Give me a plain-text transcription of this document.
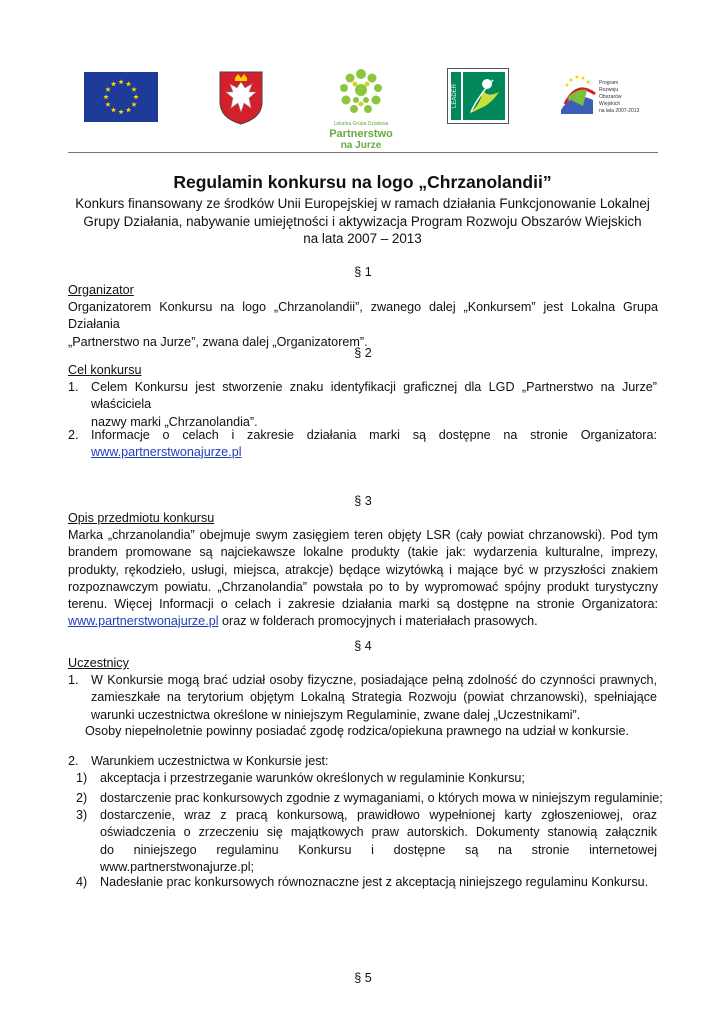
Lokalna Grupa Działania
Partnerstwo
na Jurze
LEADER
Program
Rozwoju
Obszarów
Wiejskich
na lata 2007-2013
Regulamin konkursu na logo „Chrzanolandii”
Konkurs finansowany ze środków Unii Europejskiej w ramach działania Funkcjonowanie Lokalnej
Grupy Działania, nabywanie umiejętności i aktywizacja Program Rozwoju Obszarów Wiejskich
na lata 2007 – 2013
§ 1
Organizator
Organizatorem Konkursu na logo „Chrzanolandii”, zwanego dalej „Konkursem” jest Lokalna Grupa Działania
„Partnerstwo na Jurze”, zwana dalej „Organizatorem”.
§ 2
Cel konkursu
1. Celem Konkursu jest stworzenie znaku identyfikacji graficznej dla LGD „Partnerstwo na Jurze” właściciela
nazwy marki „Chrzanolandia”.
2. Informacje o celach i zakresie działania marki są dostępne na stronie Organizatora:
www.partnerstwonajurze.pl
§ 3
Opis przedmiotu konkursu
Marka „chrzanolandia” obejmuje swym zasięgiem teren objęty LSR (cały powiat chrzanowski). Pod tym
brandem promowane są najciekawsze lokalne produkty (takie jak: wydarzenia kulturalne, imprezy,
produkty, rękodzieło, usługi, miejsca, atrakcje) będące wizytówką i mające być w przyszłości znakiem
rozpoznawczym powiatu. „Chrzanolandia” powstała po to by wypromować spójny produkt turystyczny
terenu. Więcej Informacji o celach i zakresie działania marki są dostępne na stronie Organizatora:
www.partnerstwonajurze.pl oraz w folderach promocyjnych i materiałach prasowych.
§ 4
Uczestnicy
1. W Konkursie mogą brać udział osoby fizyczne, posiadające pełną zdolność do czynności prawnych,
zamieszkałe na terytorium objętym Lokalną Strategia Rozwoju (powiat chrzanowski), spełniające
warunki uczestnictwa określone w niniejszym Regulaminie, zwane dalej „Uczestnikami”.
Osoby niepełnoletnie powinny posiadać zgodę rodzica/opiekuna prawnego na udział w konkursie.
2. Warunkiem uczestnictwa w Konkursie jest:
1) akceptacja i przestrzeganie warunków określonych w regulaminie Konkursu;
2) dostarczenie prac konkursowych zgodnie z wymaganiami, o których mowa w niniejszym regulaminie;
3) dostarczenie, wraz z pracą konkursową, prawidłowo wypełnionej karty zgłoszeniowej, oraz
oświadczenia o zrzeczeniu się majątkowych praw autorskich. Dokumenty stanowią załącznik
do niniejszego regulaminu Konkursu i dostępne są na stronie internetowej
www.partnerstwonajurze.pl;
4) Nadesłanie prac konkursowych równoznaczne jest z akceptacją niniejszego regulaminu Konkursu.
§ 5
